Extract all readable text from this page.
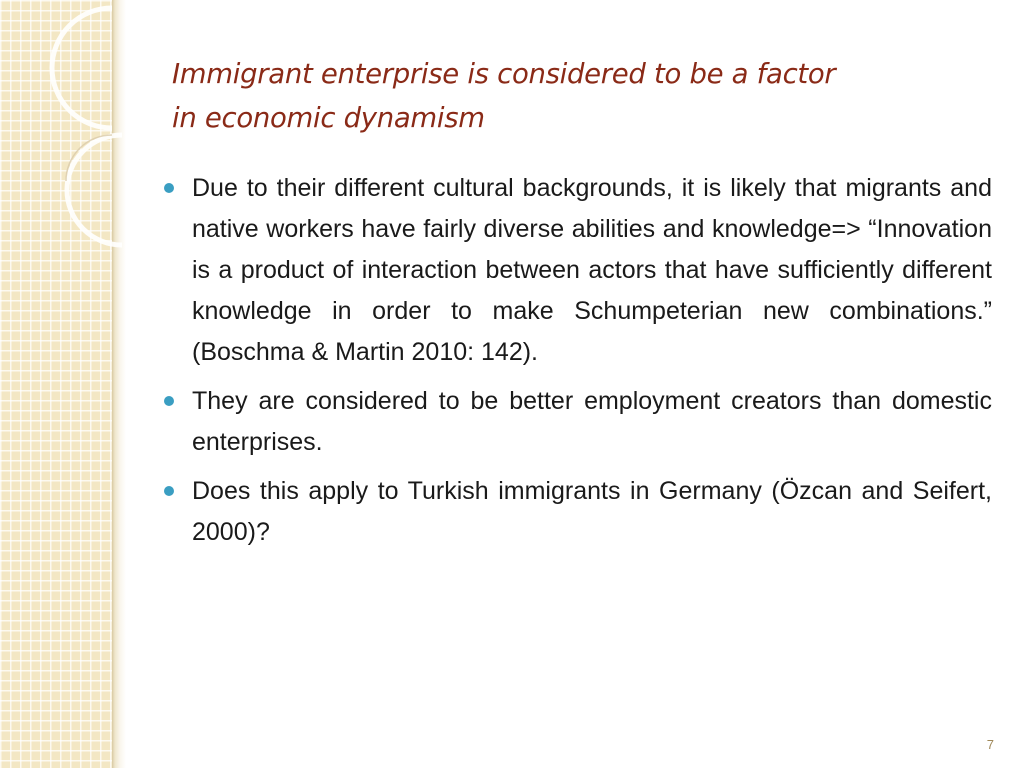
Immigrant enterprise is considered to be a factor
in economic dynamism
Due to their different cultural backgrounds, it is likely that migrants and native workers have fairly diverse abilities and knowledge=> “Innovation is a product of interaction between actors that have sufficiently different knowledge in order to make Schumpeterian new combinations.” (Boschma & Martin 2010: 142).
They are considered to be better employment creators than domestic enterprises.
Does this apply to Turkish immigrants in Germany (Özcan and Seifert, 2000)?
7
